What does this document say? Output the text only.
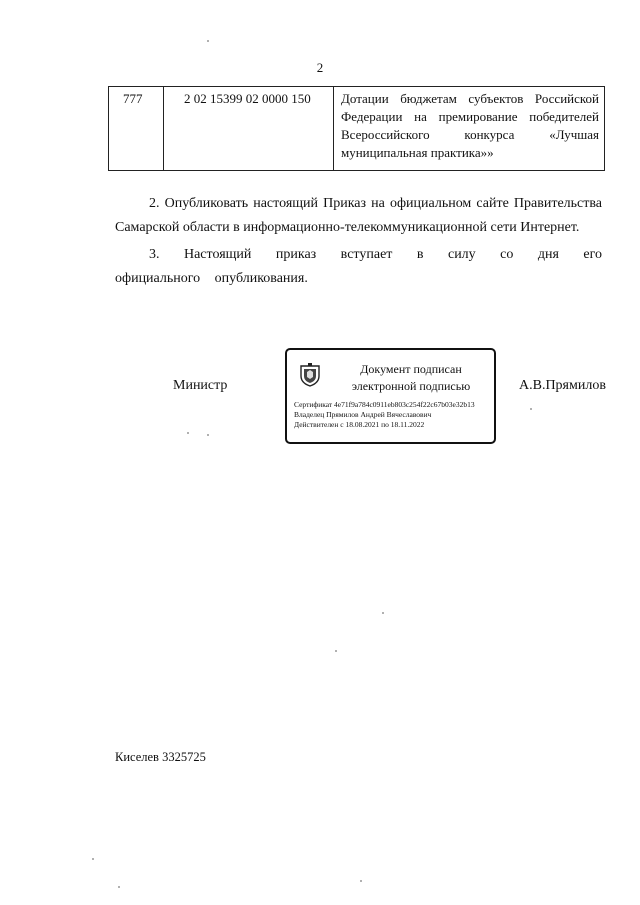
2
777	2 02 15399 02 0000 150	Дотации бюджетам субъектов Российской Федерации на премирование победителей Всероссийского конкурса «Лучшая муниципальная практика»»

2. Опубликовать настоящий Приказ на официальном сайте Правительства Самарской области в информационно-телекоммуникационной сети Интернет.

3. Настоящий приказ вступает в силу со дня его официального опубликования.

Министр
Документ подписан
электронной подписью
Сертификат 4e71f9a784c0911eb803c254f22c67b03e32b13
Владелец Прямилов Андрей Вячеславович
Действителен с 18.08.2021 по 18.11.2022
А.В.Прямилов
Киселев 3325725
